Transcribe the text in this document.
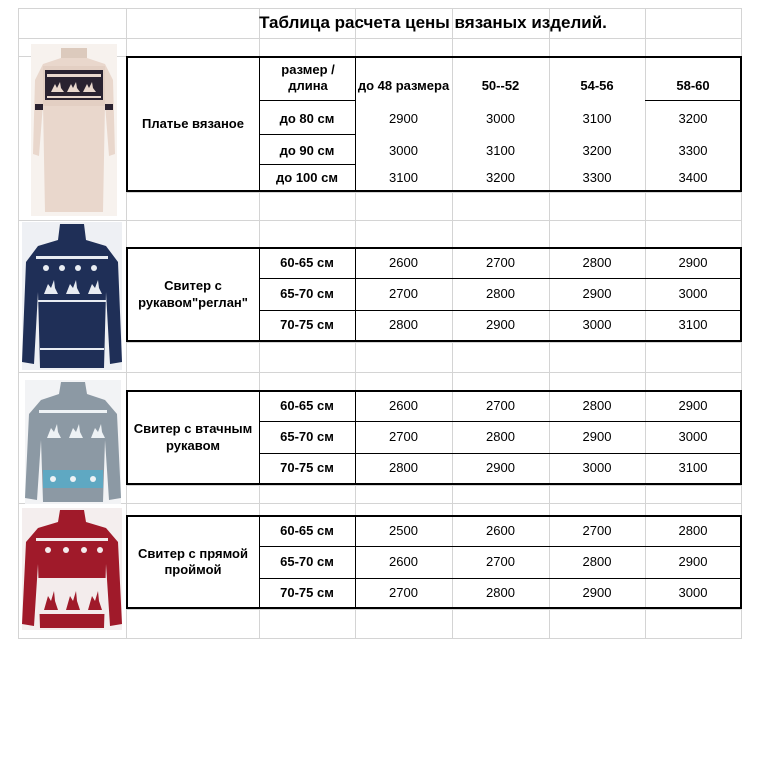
Таблица расчета цены вязаных изделий.
Платье вязаное
размер / длина	до 48 размера	50--52	54-56	58-60
до 80 см	2900	3000	3100	3200
до 90 см	3000	3100	3200	3300
до 100 см	3100	3200	3300	3400
Свитер с рукавом"реглан"
60-65 см	2600	2700	2800	2900
65-70 см	2700	2800	2900	3000
70-75 см	2800	2900	3000	3100
Свитер с втачным рукавом
60-65 см	2600	2700	2800	2900
65-70 см	2700	2800	2900	3000
70-75 см	2800	2900	3000	3100
Свитер с прямой проймой
60-65 см	2500	2600	2700	2800
65-70 см	2600	2700	2800	2900
70-75 см	2700	2800	2900	3000
